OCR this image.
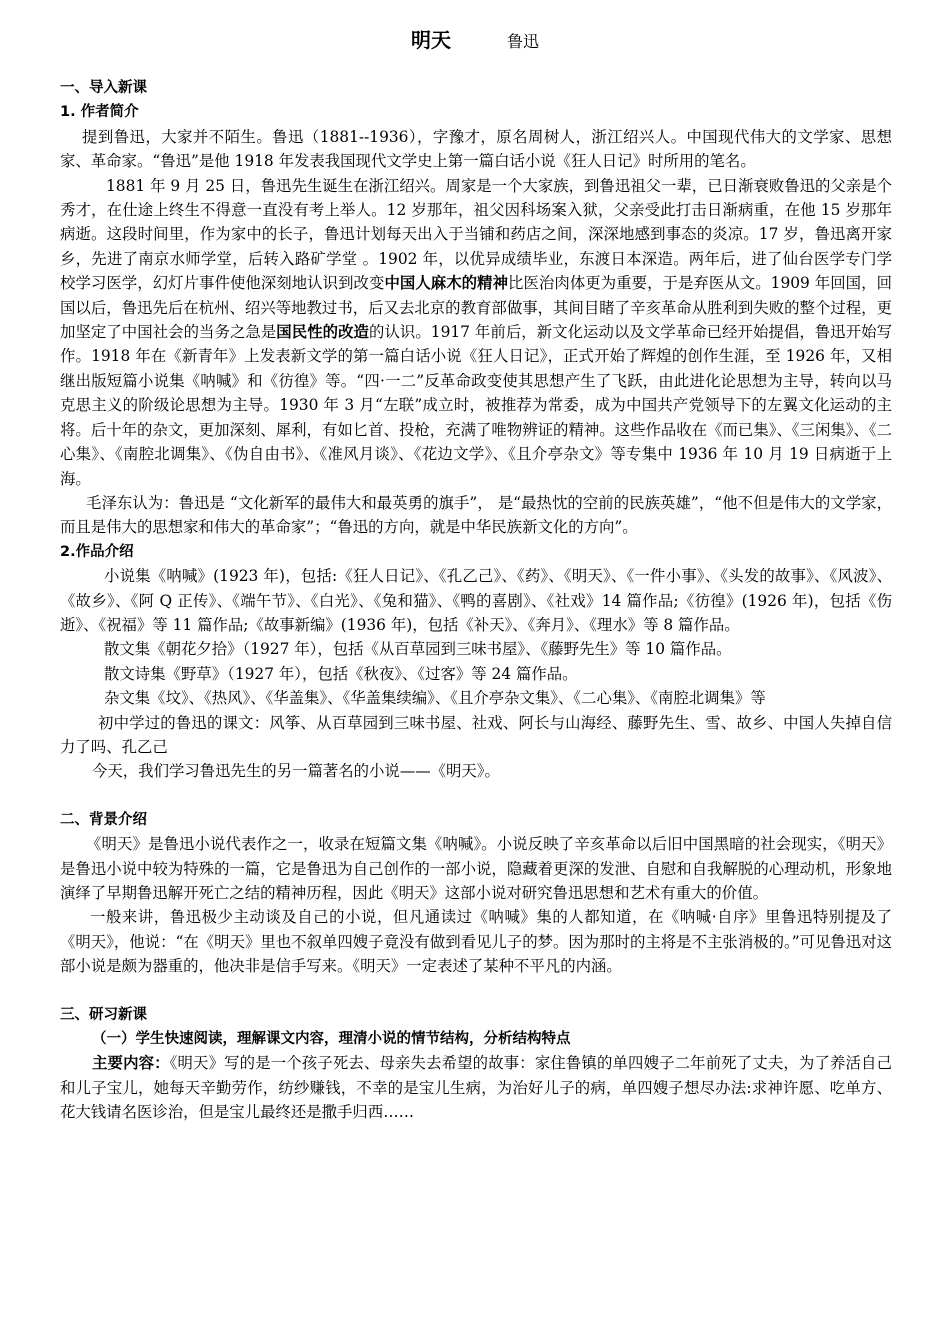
明天	鲁迅

一、导入新课

1. 作者简介

提到鲁迅，大家并不陌生。鲁迅（1881--1936），字豫才，原名周树人，浙江绍兴人。中国现代伟大的文学家、思想家、革命家。“鲁迅”是他 1918 年发表我国现代文学史上第一篇白话小说《狂人日记》时所用的笔名。

1881 年 9 月 25 日，鲁迅先生诞生在浙江绍兴。周家是一个大家族，到鲁迅祖父一辈，已日渐衰败鲁迅的父亲是个秀才，在仕途上终生不得意一直没有考上举人。12 岁那年，祖父因科场案入狱，父亲受此打击日渐病重，在他 15 岁那年病逝。这段时间里，作为家中的长子，鲁迅计划每天出入于当铺和药店之间，深深地感到事态的炎凉。17 岁，鲁迅离开家乡，先进了南京水师学堂，后转入路矿学堂 。1902 年，以优异成绩毕业，东渡日本深造。两年后，进了仙台医学专门学校学习医学，幻灯片事件使他深刻地认识到改变中国人麻木的精神比医治肉体更为重要，于是弃医从文。1909 年回国，回国以后，鲁迅先后在杭州、绍兴等地教过书，后又去北京的教育部做事，其间目睹了辛亥革命从胜利到失败的整个过程，更加坚定了中国社会的当务之急是国民性的改造的认识。1917 年前后，新文化运动以及文学革命已经开始提倡，鲁迅开始写作。1918 年在《新青年》上发表新文学的第一篇白话小说《狂人日记》，正式开始了辉煌的创作生涯，至 1926 年，又相继出版短篇小说集《呐喊》和《彷徨》等。“四·一二”反革命政变使其思想产生了飞跃，由此进化论思想为主导，转向以马克思主义的阶级论思想为主导。1930 年 3 月“左联”成立时，被推荐为常委，成为中国共产党领导下的左翼文化运动的主将。后十年的杂文，更加深刻、犀利，有如匕首、投枪，充满了唯物辨证的精神。这些作品收在《而已集》、《三闲集》、《二心集》、《南腔北调集》、《伪自由书》、《准风月谈》、《花边文学》、《且介亭杂文》等专集中 1936 年 10 月 19 日病逝于上海。

毛泽东认为：鲁迅是 “文化新军的最伟大和最英勇的旗手”， 是“最热忱的空前的民族英雄”，“他不但是伟大的文学家，而且是伟大的思想家和伟大的革命家”；“鲁迅的方向，就是中华民族新文化的方向”。

2.作品介绍

小说集《呐喊》(1923 年)，包括:《狂人日记》、《孔乙己》、《药》、《明天》、《一件小事》、《头发的故事》、《风波》、《故乡》、《阿 Q 正传》、《端午节》、《白光》、《兔和猫》、《鸭的喜剧》、《社戏》14 篇作品;《彷徨》(1926 年)，包括《伤逝》、《祝福》等 11 篇作品;《故事新编》(1936 年)，包括《补天》、《奔月》、《理水》等 8 篇作品。

散文集《朝花夕拾》（1927 年），包括《从百草园到三味书屋》、《藤野先生》等 10 篇作品。

散文诗集《野草》（1927 年），包括《秋夜》、《过客》等 24 篇作品。

杂文集《坟》、《热风》、《华盖集》、《华盖集续编》、《且介亭杂文集》、《二心集》、《南腔北调集》等

初中学过的鲁迅的课文：风筝、从百草园到三味书屋、社戏、阿长与山海经、藤野先生、雪、故乡、中国人失掉自信力了吗、孔乙己

今天，我们学习鲁迅先生的另一篇著名的小说——《明天》。

二、背景介绍

《明天》是鲁迅小说代表作之一，收录在短篇文集《呐喊》。小说反映了辛亥革命以后旧中国黑暗的社会现实，《明天》是鲁迅小说中较为特殊的一篇，它是鲁迅为自己创作的一部小说，隐藏着更深的发泄、自慰和自我解脱的心理动机，形象地演绎了早期鲁迅解开死亡之结的精神历程，因此《明天》这部小说对研究鲁迅思想和艺术有重大的价值。

一般来讲，鲁迅极少主动谈及自己的小说，但凡通读过《呐喊》集的人都知道，在《呐喊·自序》里鲁迅特别提及了《明天》，他说：“在《明天》里也不叙单四嫂子竟没有做到看见儿子的梦。因为那时的主将是不主张消极的。”可见鲁迅对这部小说是颇为器重的，他决非是信手写来。《明天》一定表述了某种不平凡的内涵。

三、研习新课

（一）学生快速阅读，理解课文内容，理清小说的情节结构，分析结构特点

主要内容：《明天》写的是一个孩子死去、母亲失去希望的故事：家住鲁镇的单四嫂子二年前死了丈夫，为了养活自己和儿子宝儿，她每天辛勤劳作，纺纱赚钱，不幸的是宝儿生病，为治好儿子的病，单四嫂子想尽办法:求神许愿、吃单方、花大钱请名医诊治，但是宝儿最终还是撒手归西……
